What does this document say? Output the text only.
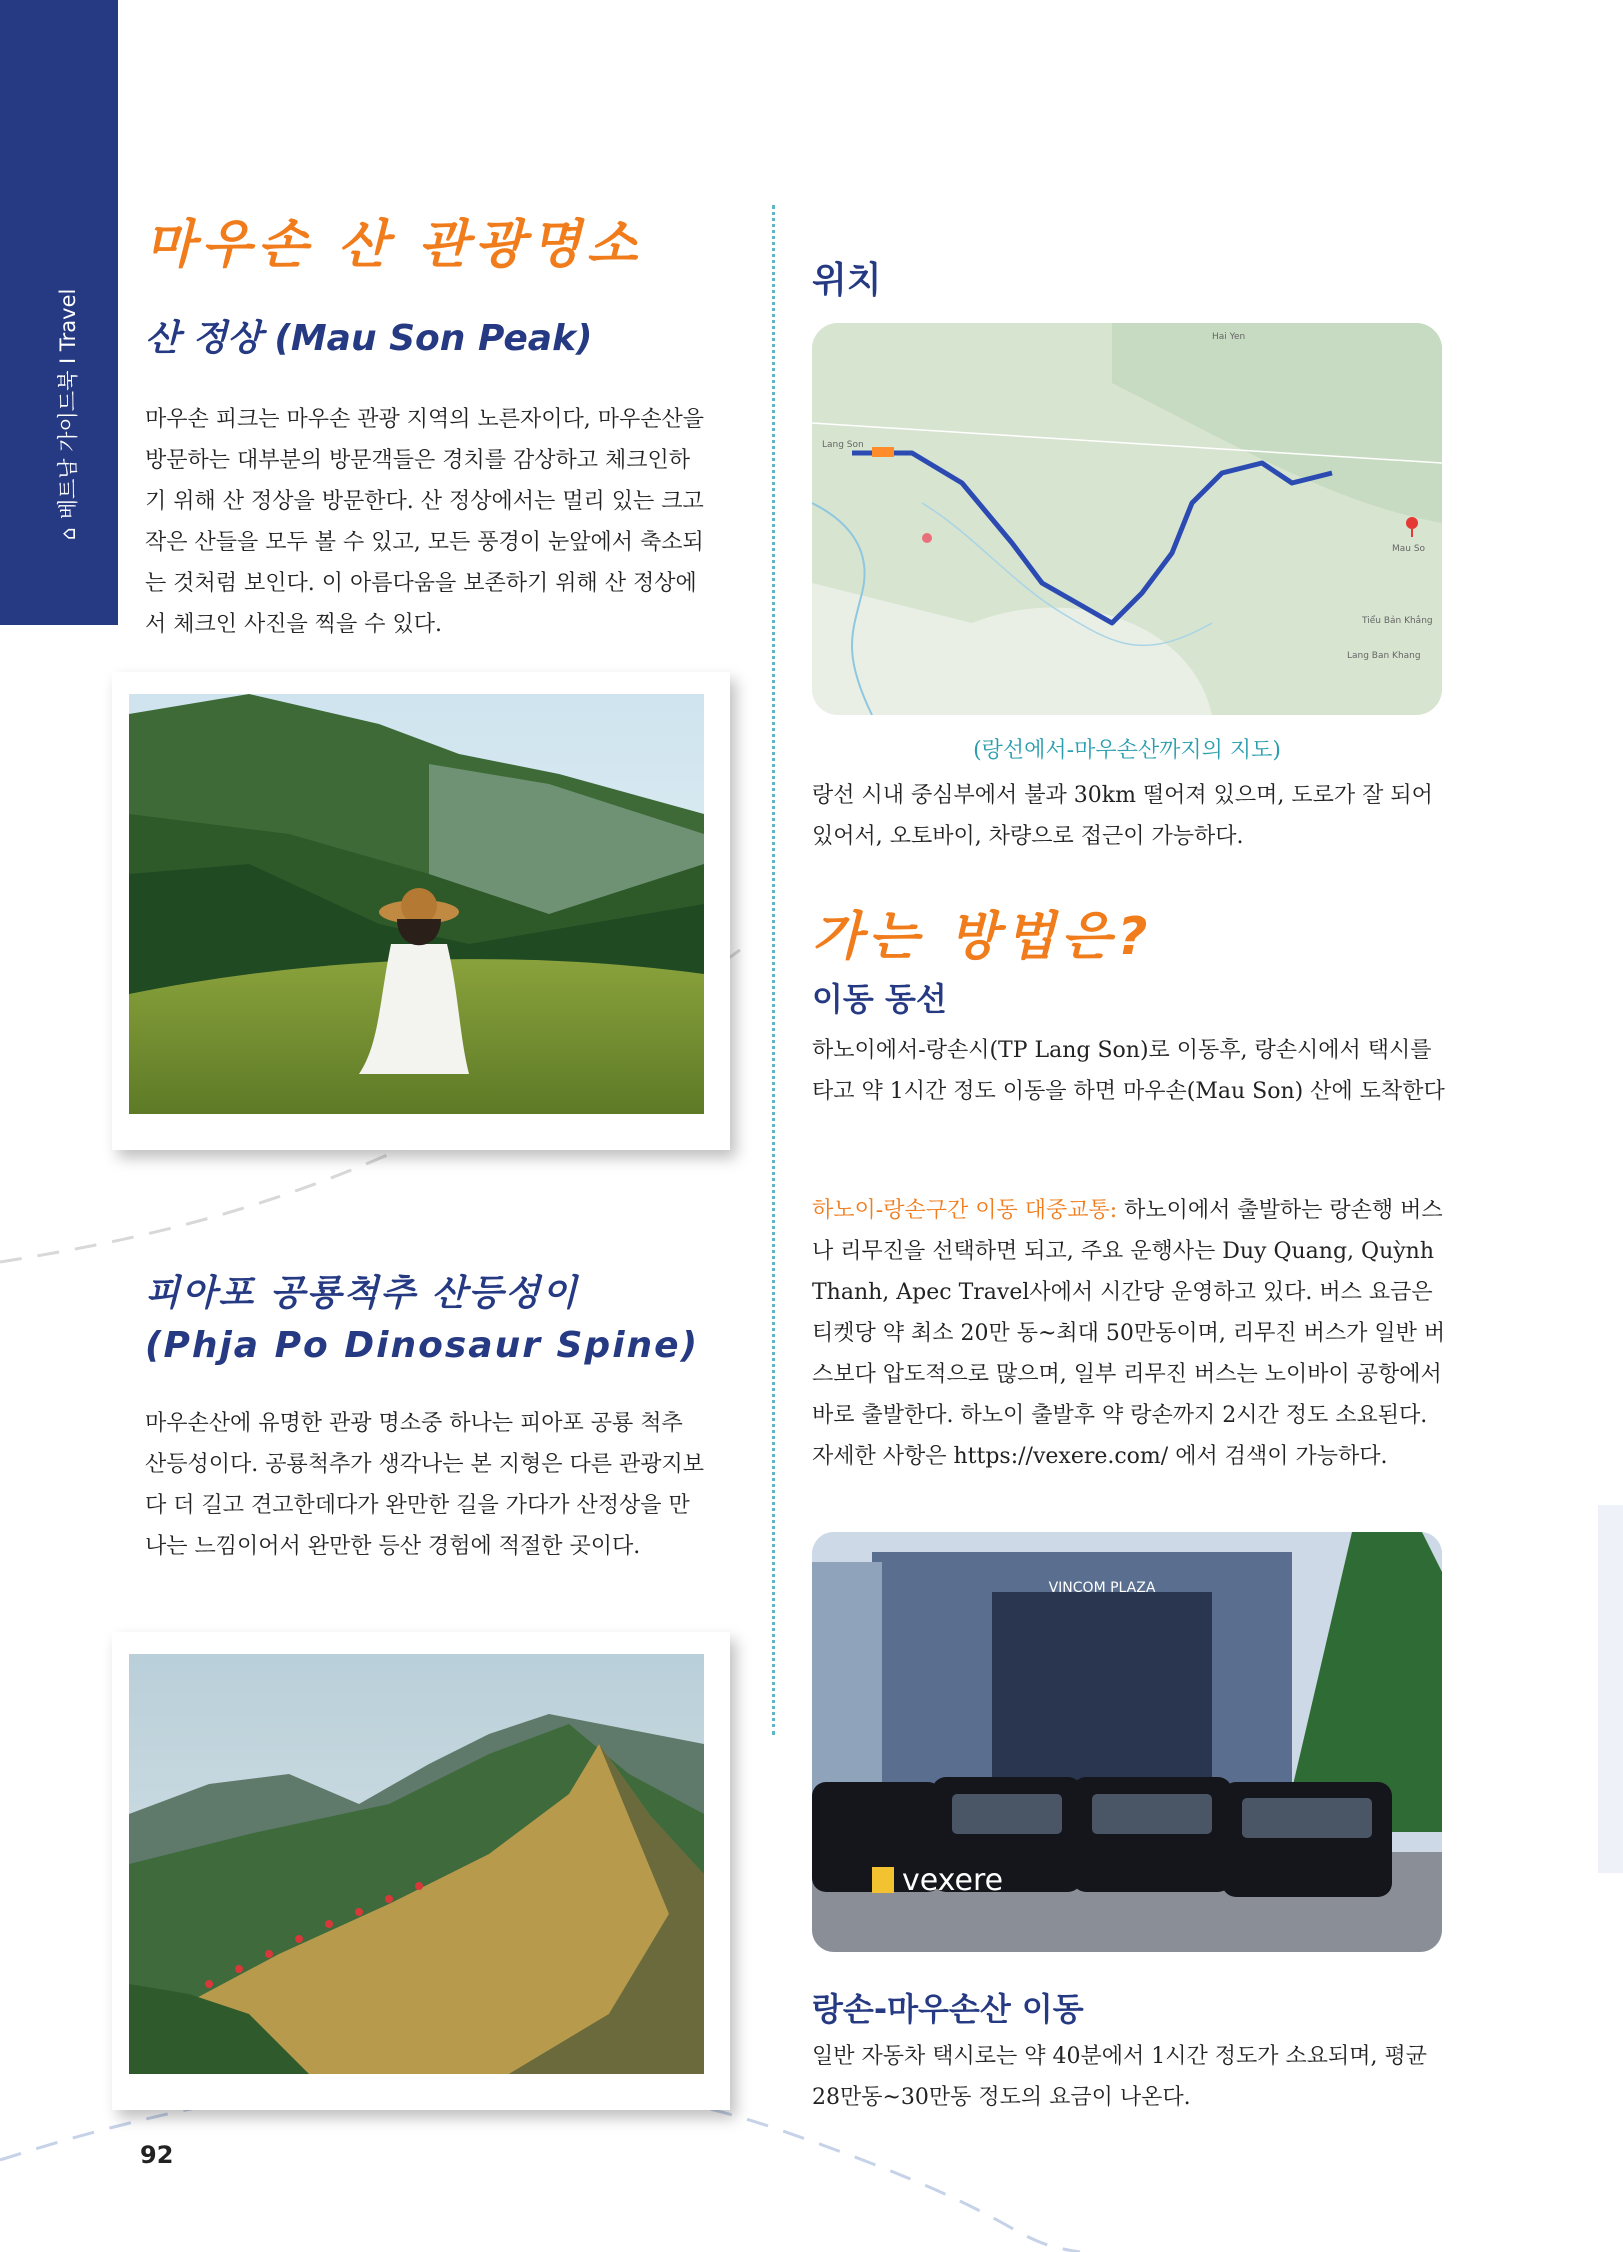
⌂베트남 가이드북 I Travel
마우손 산 관광명소
산 정상 (Mau Son Peak)
마우손 피크는 마우손 관광 지역의 노른자이다, 마우손산을 방문하는 대부분의 방문객들은 경치를 감상하고 체크인하기 위해 산 정상을 방문한다. 산 정상에서는 멀리 있는 크고 작은 산들을 모두 볼 수 있고, 모든 풍경이 눈앞에서 축소되는 것처럼 보인다. 이 아름다움을 보존하기 위해 산 정상에서 체크인 사진을 찍을 수 있다.
피아포 공룡척추 산등성이
(Phja Po Dinosaur Spine)
마우손산에 유명한 관광 명소중 하나는 피아포 공룡 척추 산등성이다. 공룡척추가 생각나는 본 지형은 다른 관광지보다 더 길고 견고한데다가 완만한 길을 가다가 산정상을 만나는 느낌이어서 완만한 등산 경험에 적절한 곳이다.
92
위치
Lang Son
Mau So
Hai Yen
Tiểu Bản Khắng
Lang Ban Khang
(랑선에서-마우손산까지의 지도)
랑선 시내 중심부에서 불과 30km 떨어져 있으며, 도로가 잘 되어 있어서, 오토바이, 차량으로 접근이 가능하다.
가는 방법은?
이동 동선
하노이에서-랑손시(TP Lang Son)로 이동후, 랑손시에서 택시를 타고 약 1시간 정도 이동을 하면 마우손(Mau Son) 산에 도착한다
하노이-랑손구간 이동 대중교통: 하노이에서 출발하는 랑손행 버스나 리무진을 선택하면 되고, 주요 운행사는 Duy Quang, Quỳnh Thanh, Apec Travel사에서 시간당 운영하고 있다. 버스 요금은 티켓당 약 최소 20만 동~최대 50만동이며, 리무진 버스가 일반 버스보다 압도적으로 많으며, 일부 리무진 버스는 노이바이 공항에서 바로 출발한다. 하노이 출발후 약 랑손까지 2시간 정도 소요된다. 자세한 사항은 https://vexere.com/ 에서 검색이 가능하다.
VINCOM PLAZA
vexere
랑손-마우손산 이동
일반 자동차 택시로는 약 40분에서 1시간 정도가 소요되며, 평균 28만동~30만동 정도의 요금이 나온다.
